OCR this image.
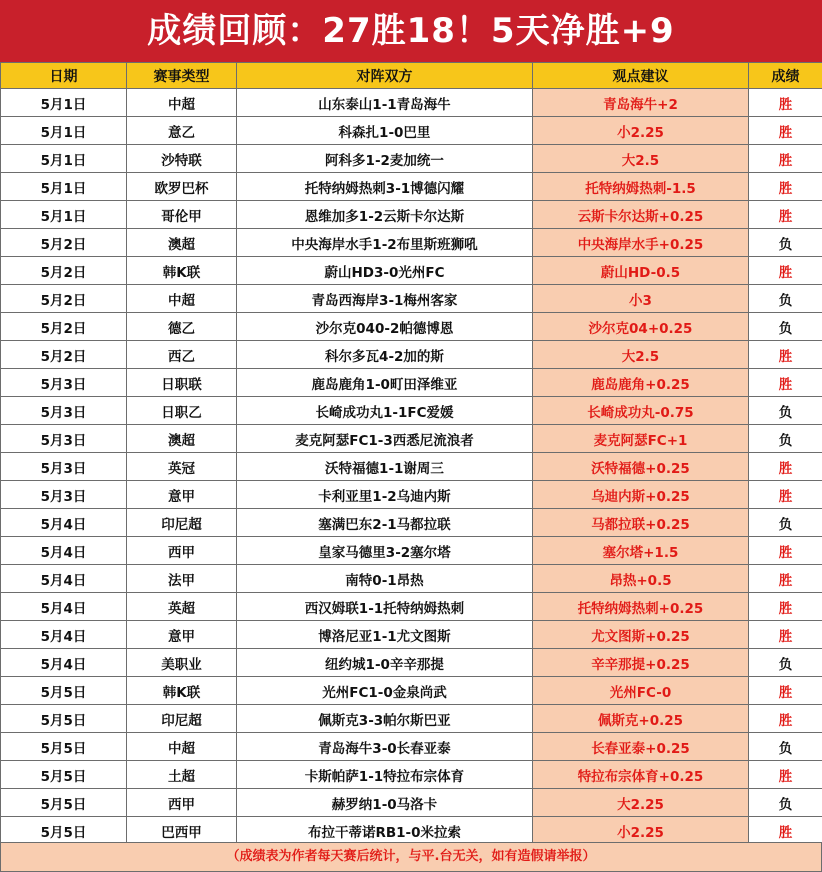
成绩回顾：27胜18！5天净胜+9
日期	赛事类型	对阵双方	观点建议	成绩
5月1日	中超	山东泰山1-1青岛海牛	青岛海牛+2	胜
5月1日	意乙	科森扎1-0巴里	小2.25	胜
5月1日	沙特联	阿科多1-2麦加统一	大2.5	胜
5月1日	欧罗巴杯	托特纳姆热刺3-1博德闪耀	托特纳姆热刺-1.5	胜
5月1日	哥伦甲	恩维加多1-2云斯卡尔达斯	云斯卡尔达斯+0.25	胜
5月2日	澳超	中央海岸水手1-2布里斯班狮吼	中央海岸水手+0.25	负
5月2日	韩K联	蔚山HD3-0光州FC	蔚山HD-0.5	胜
5月2日	中超	青岛西海岸3-1梅州客家	小3	负
5月2日	德乙	沙尔克040-2帕德博恩	沙尔克04+0.25	负
5月2日	西乙	科尔多瓦4-2加的斯	大2.5	胜
5月3日	日职联	鹿岛鹿角1-0町田泽维亚	鹿岛鹿角+0.25	胜
5月3日	日职乙	长崎成功丸1-1FC爱媛	长崎成功丸-0.75	负
5月3日	澳超	麦克阿瑟FC1-3西悉尼流浪者	麦克阿瑟FC+1	负
5月3日	英冠	沃特福德1-1谢周三	沃特福德+0.25	胜
5月3日	意甲	卡利亚里1-2乌迪内斯	乌迪内斯+0.25	胜
5月4日	印尼超	塞满巴东2-1马都拉联	马都拉联+0.25	负
5月4日	西甲	皇家马德里3-2塞尔塔	塞尔塔+1.5	胜
5月4日	法甲	南特0-1昂热	昂热+0.5	胜
5月4日	英超	西汉姆联1-1托特纳姆热刺	托特纳姆热刺+0.25	胜
5月4日	意甲	博洛尼亚1-1尤文图斯	尤文图斯+0.25	胜
5月4日	美职业	纽约城1-0辛辛那提	辛辛那提+0.25	负
5月5日	韩K联	光州FC1-0金泉尚武	光州FC-0	胜
5月5日	印尼超	佩斯克3-3帕尔斯巴亚	佩斯克+0.25	胜
5月5日	中超	青岛海牛3-0长春亚泰	长春亚泰+0.25	负
5月5日	土超	卡斯帕萨1-1特拉布宗体育	特拉布宗体育+0.25	胜
5月5日	西甲	赫罗纳1-0马洛卡	大2.25	负
5月5日	巴西甲	布拉干蒂诺RB1-0米拉索	小2.25	胜
（成绩表为作者每天赛后统计，与平.台无关，如有造假请举报）
